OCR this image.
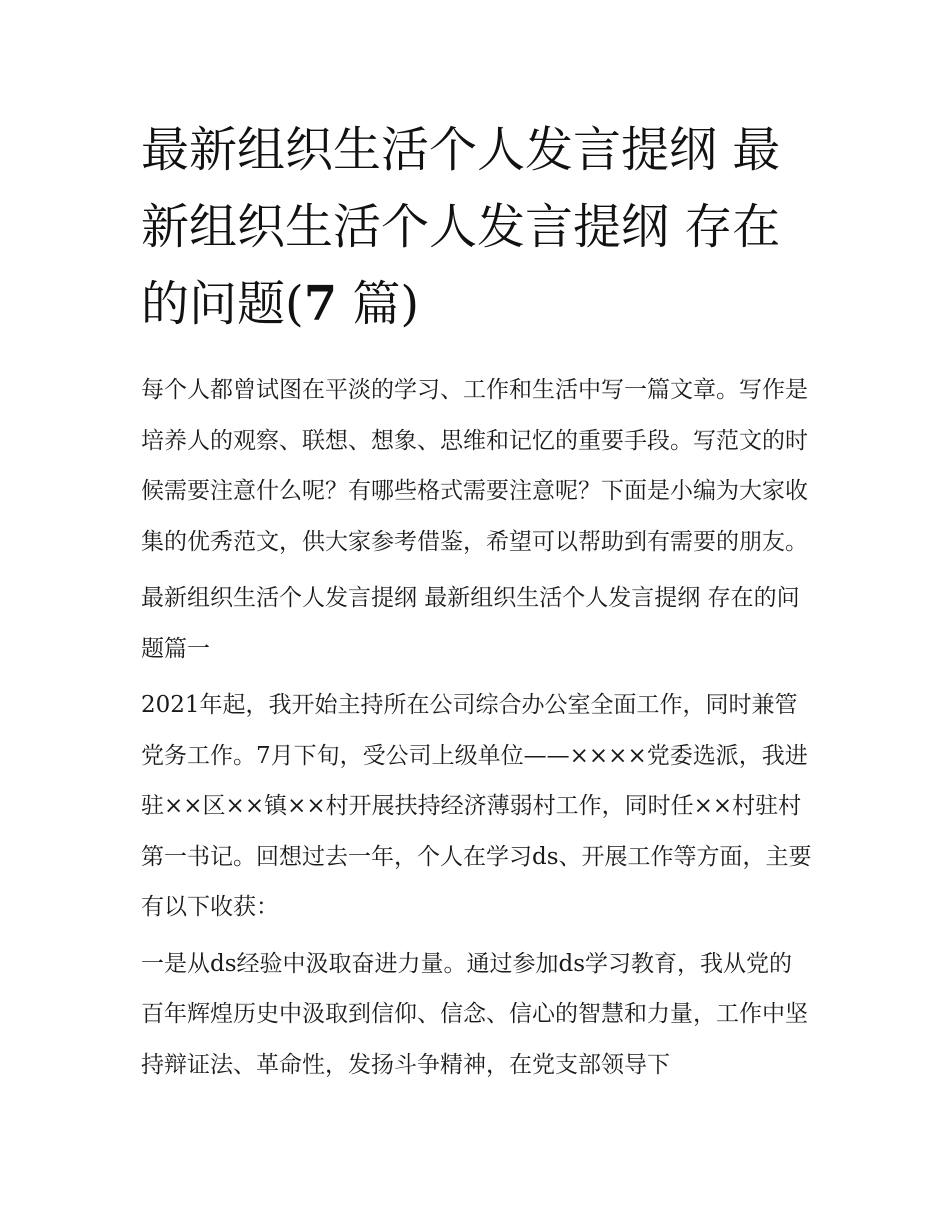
最新组织生活个人发言提纲 最新组织生活个人发言提纲 存在的问题(7 篇)

每个人都曾试图在平淡的学习、工作和生活中写一篇文章。写作是培养人的观察、联想、想象、思维和记忆的重要手段。写范文的时候需要注意什么呢？有哪些格式需要注意呢？下面是小编为大家收集的优秀范文，供大家参考借鉴，希望可以帮助到有需要的朋友。

最新组织生活个人发言提纲 最新组织生活个人发言提纲 存在的问题篇一

2021年起，我开始主持所在公司综合办公室全面工作，同时兼管党务工作。7月下旬，受公司上级单位——××××党委选派，我进驻××区××镇××村开展扶持经济薄弱村工作，同时任××村驻村第一书记。回想过去一年，个人在学习ds、开展工作等方面，主要有以下收获：

一是从ds经验中汲取奋进力量。通过参加ds学习教育，我从党的百年辉煌历史中汲取到信仰、信念、信心的智慧和力量，工作中坚持辩证法、革命性，发扬斗争精神，在党支部领导下
